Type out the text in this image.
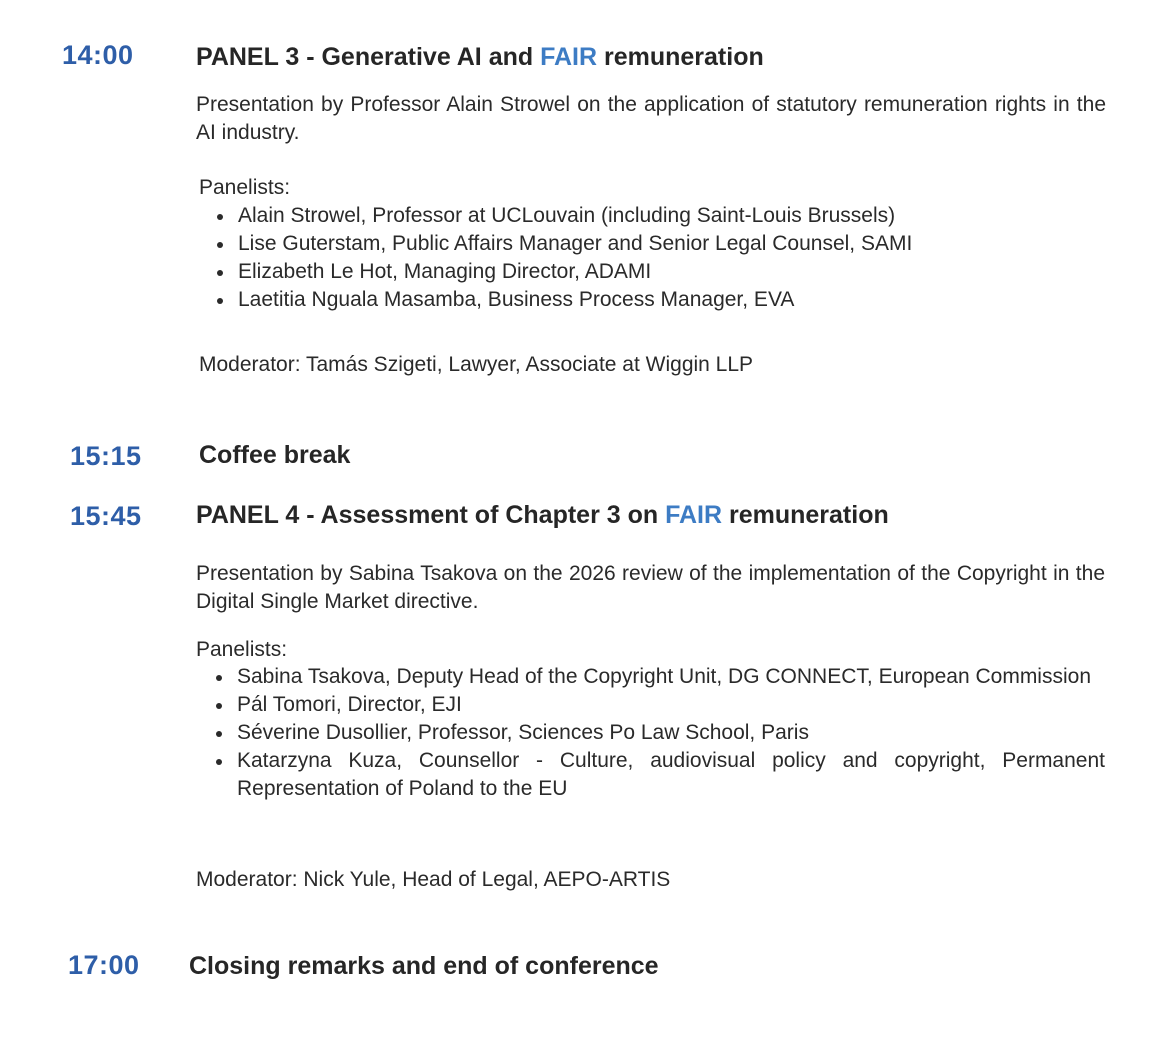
14:00 PANEL 3 - Generative AI and FAIR remuneration
Presentation by Professor Alain Strowel on the application of statutory remuneration rights in the AI industry.
Panelists:
Alain Strowel, Professor at UCLouvain (including Saint-Louis Brussels)
Lise Guterstam, Public Affairs Manager and Senior Legal Counsel, SAMI
Elizabeth Le Hot, Managing Director, ADAMI
Laetitia Nguala Masamba, Business Process Manager, EVA
Moderator: Tamás Szigeti, Lawyer, Associate at Wiggin LLP
15:15 Coffee break
15:45 PANEL 4 - Assessment of Chapter 3 on FAIR remuneration
Presentation by Sabina Tsakova on the 2026 review of the implementation of the Copyright in the Digital Single Market directive.
Panelists:
Sabina Tsakova, Deputy Head of the Copyright Unit, DG CONNECT, European Commission
Pál Tomori, Director, EJI
Séverine Dusollier, Professor, Sciences Po Law School, Paris
Katarzyna Kuza, Counsellor - Culture, audiovisual policy and copyright, Permanent Representation of Poland to the EU
Moderator: Nick Yule, Head of Legal, AEPO-ARTIS
17:00 Closing remarks and end of conference
